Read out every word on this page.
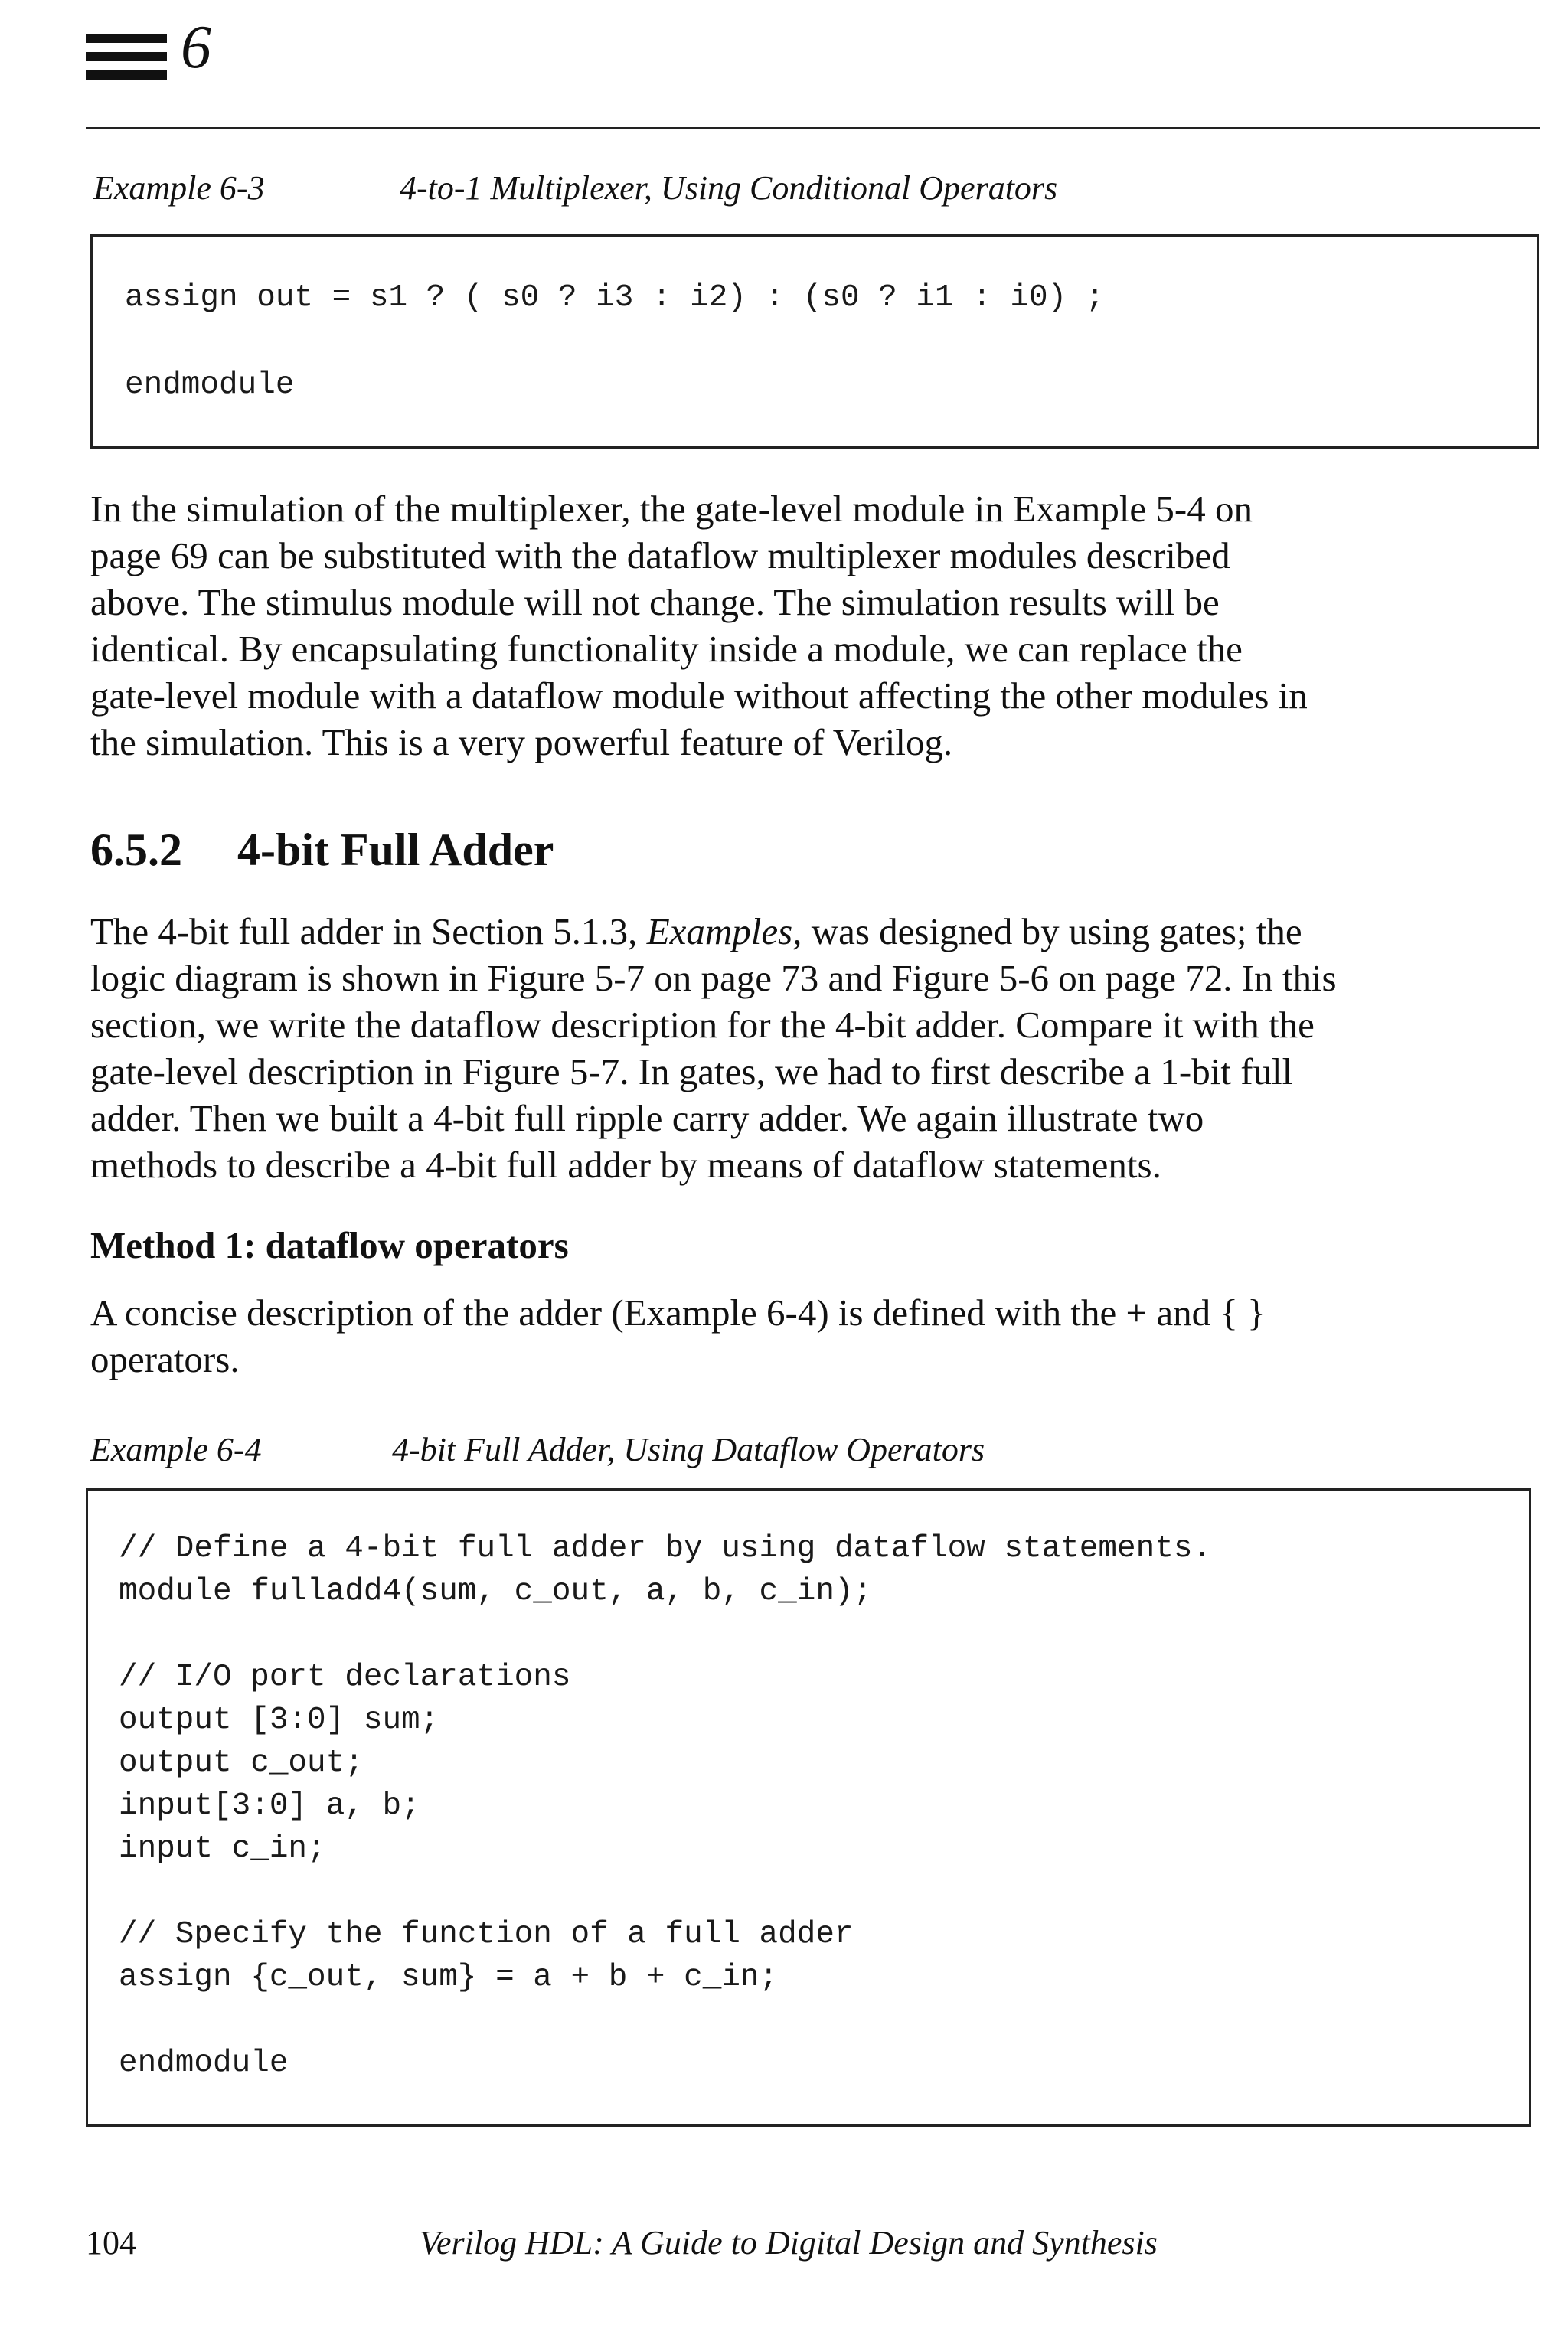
6
Example 6-3	4-to-1 Multiplexer, Using Conditional Operators
assign out = s1 ? ( s0 ? i3 : i2) : (s0 ? i1 : i0) ;
endmodule
In the simulation of the multiplexer, the gate-level module in Example 5-4 on
page 69 can be substituted with the dataflow multiplexer modules described
above. The stimulus module will not change. The simulation results will be
identical. By encapsulating functionality inside a module, we can replace the
gate-level module with a dataflow module without affecting the other modules in
the simulation. This is a very powerful feature of Verilog.
6.5.2 4-bit Full Adder
The 4-bit full adder in Section 5.1.3, Examples, was designed by using gates; the
logic diagram is shown in Figure 5-7 on page 73 and Figure 5-6 on page 72. In this
section, we write the dataflow description for the 4-bit adder. Compare it with the
gate-level description in Figure 5-7. In gates, we had to first describe a 1-bit full
adder. Then we built a 4-bit full ripple carry adder. We again illustrate two
methods to describe a 4-bit full adder by means of dataflow statements.
Method 1: dataflow operators
A concise description of the adder (Example 6-4) is defined with the + and { }
operators.
Example 6-4	4-bit Full Adder, Using Dataflow Operators
// Define a 4-bit full adder by using dataflow statements.
module fulladd4(sum, c_out, a, b, c_in);
// I/O port declarations
output [3:0] sum;
output c_out;
input[3:0] a, b;
input c_in;
// Specify the function of a full adder
assign {c_out, sum} = a + b + c_in;
endmodule
104	Verilog HDL: A Guide to Digital Design and Synthesis
